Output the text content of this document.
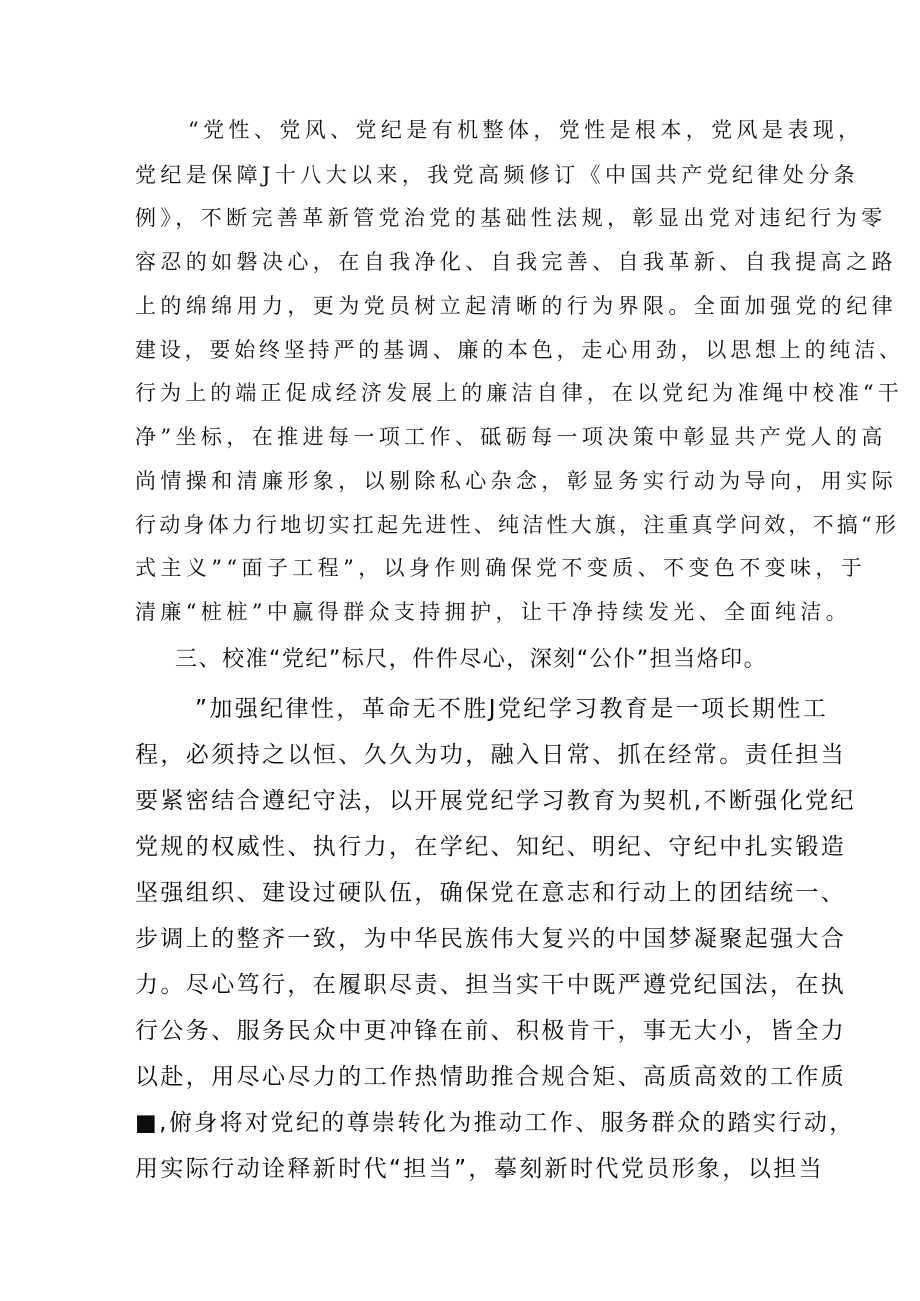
“党性、党风、党纪是有机整体，党性是根本，党风是表现，

党纪是保障J十八大以来，我党高频修订《中国共产党纪律处分条

例》，不断完善革新管党治党的基础性法规，彰显出党对违纪行为零

容忍的如磐决心，在自我净化、自我完善、自我革新、自我提高之路

上的绵绵用力，更为党员树立起清晰的行为界限。全面加强党的纪律

建设，要始终坚持严的基调、廉的本色，走心用劲，以思想上的纯洁、

行为上的端正促成经济发展上的廉洁自律，在以党纪为准绳中校准“干

净”坐标，在推进每一项工作、砥砺每一项决策中彰显共产党人的高

尚情操和清廉形象，以剔除私心杂念，彰显务实行动为导向，用实际

行动身体力行地切实扛起先进性、纯洁性大旗，注重真学问效，不搞“形

式主义”“面子工程”，以身作则确保党不变质、不变色不变味，于

清廉“桩桩”中赢得群众支持拥护，让干净持续发光、全面纯洁。

三、校准“党纪”标尺，件件尽心，深刻“公仆”担当烙印。

”加强纪律性，革命无不胜J党纪学习教育是一项长期性工

程，必须持之以恒、久久为功，融入日常、抓在经常。责任担当

要紧密结合遵纪守法，以开展党纪学习教育为契机,不断强化党纪

党规的权威性、执行力，在学纪、知纪、明纪、守纪中扎实锻造

坚强组织、建设过硬队伍，确保党在意志和行动上的团结统一、

步调上的整齐一致，为中华民族伟大复兴的中国梦凝聚起强大合

力。尽心笃行，在履职尽责、担当实干中既严遵党纪国法，在执

行公务、服务民众中更冲锋在前、积极肯干，事无大小，皆全力

以赴，用尽心尽力的工作热情助推合规合矩、高质高效的工作质

■,俯身将对党纪的尊崇转化为推动工作、服务群众的踏实行动，

用实际行动诠释新时代“担当”，摹刻新时代党员形象，以担当
